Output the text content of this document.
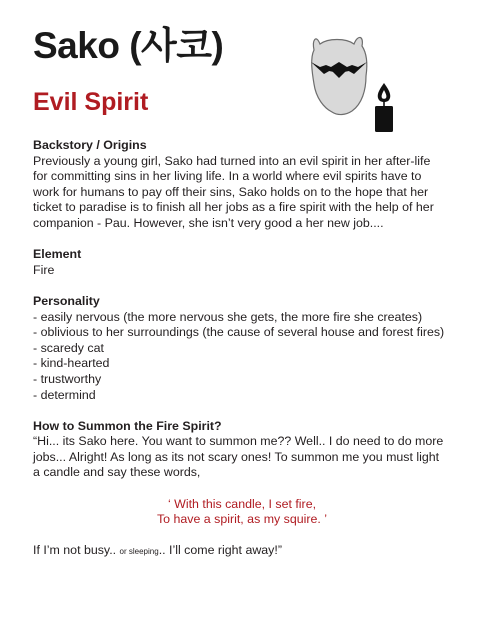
Sako (사코)
Evil Spirit
Backstory / Origins
Previously a young girl, Sako had turned into an evil spirit in her after-life for committing sins in her living life. In a world where evil spirits have to work for humans to pay off their sins, Sako holds on to the hope that her ticket to paradise is to finish all her jobs as a fire spirit with the help of her companion - Pau. However, she isn’t very good a her new job....
Element
Fire
Personality
- easily nervous (the more nervous she gets, the more fire she creates)
- oblivious to her surroundings (the cause of several house and forest fires)
- scaredy cat
- kind-hearted
- trustworthy
- determind
How to Summon the Fire Spirit?
“Hi... its Sako here. You want to summon me?? Well.. I do need to do more jobs... Alright! As long as its not scary ones! To summon me you must light a candle and say these words,
‘ With this candle, I set fire,
To have a spirit, as my squire. ’
If I’m not busy.. or sleeping.. I’ll come right away!”
